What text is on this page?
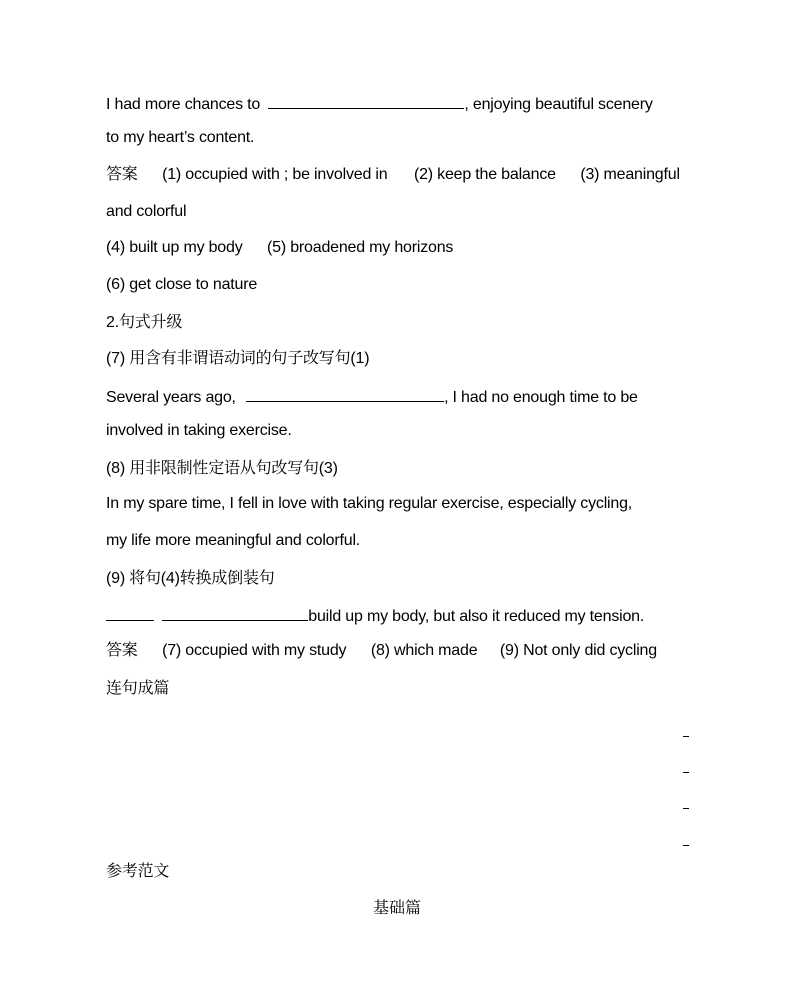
I had more chances to	, enjoying beautiful scenery
to my heart’s content.
答案 (1) occupied with ; be involved in (2) keep the balance (3) meaningful
and colorful
(4) built up my body (5) broadened my horizons
(6) get close to nature
2.句式升级
(7) 用含有非谓语动词的句子改写句(1)
Several years ago,	, I had no enough time to be
involved in taking exercise.
(8) 用非限制性定语从句改写句(3)
In my spare time, I fell in love with taking regular exercise, especially cycling,
my life more meaningful and colorful.
(9) 将句(4)转换成倒装句
build up my body, but also it reduced my tension.
答案 (7) occupied with my study (8) which made (9) Not only did cycling
连句成篇
参考范文
基础篇
